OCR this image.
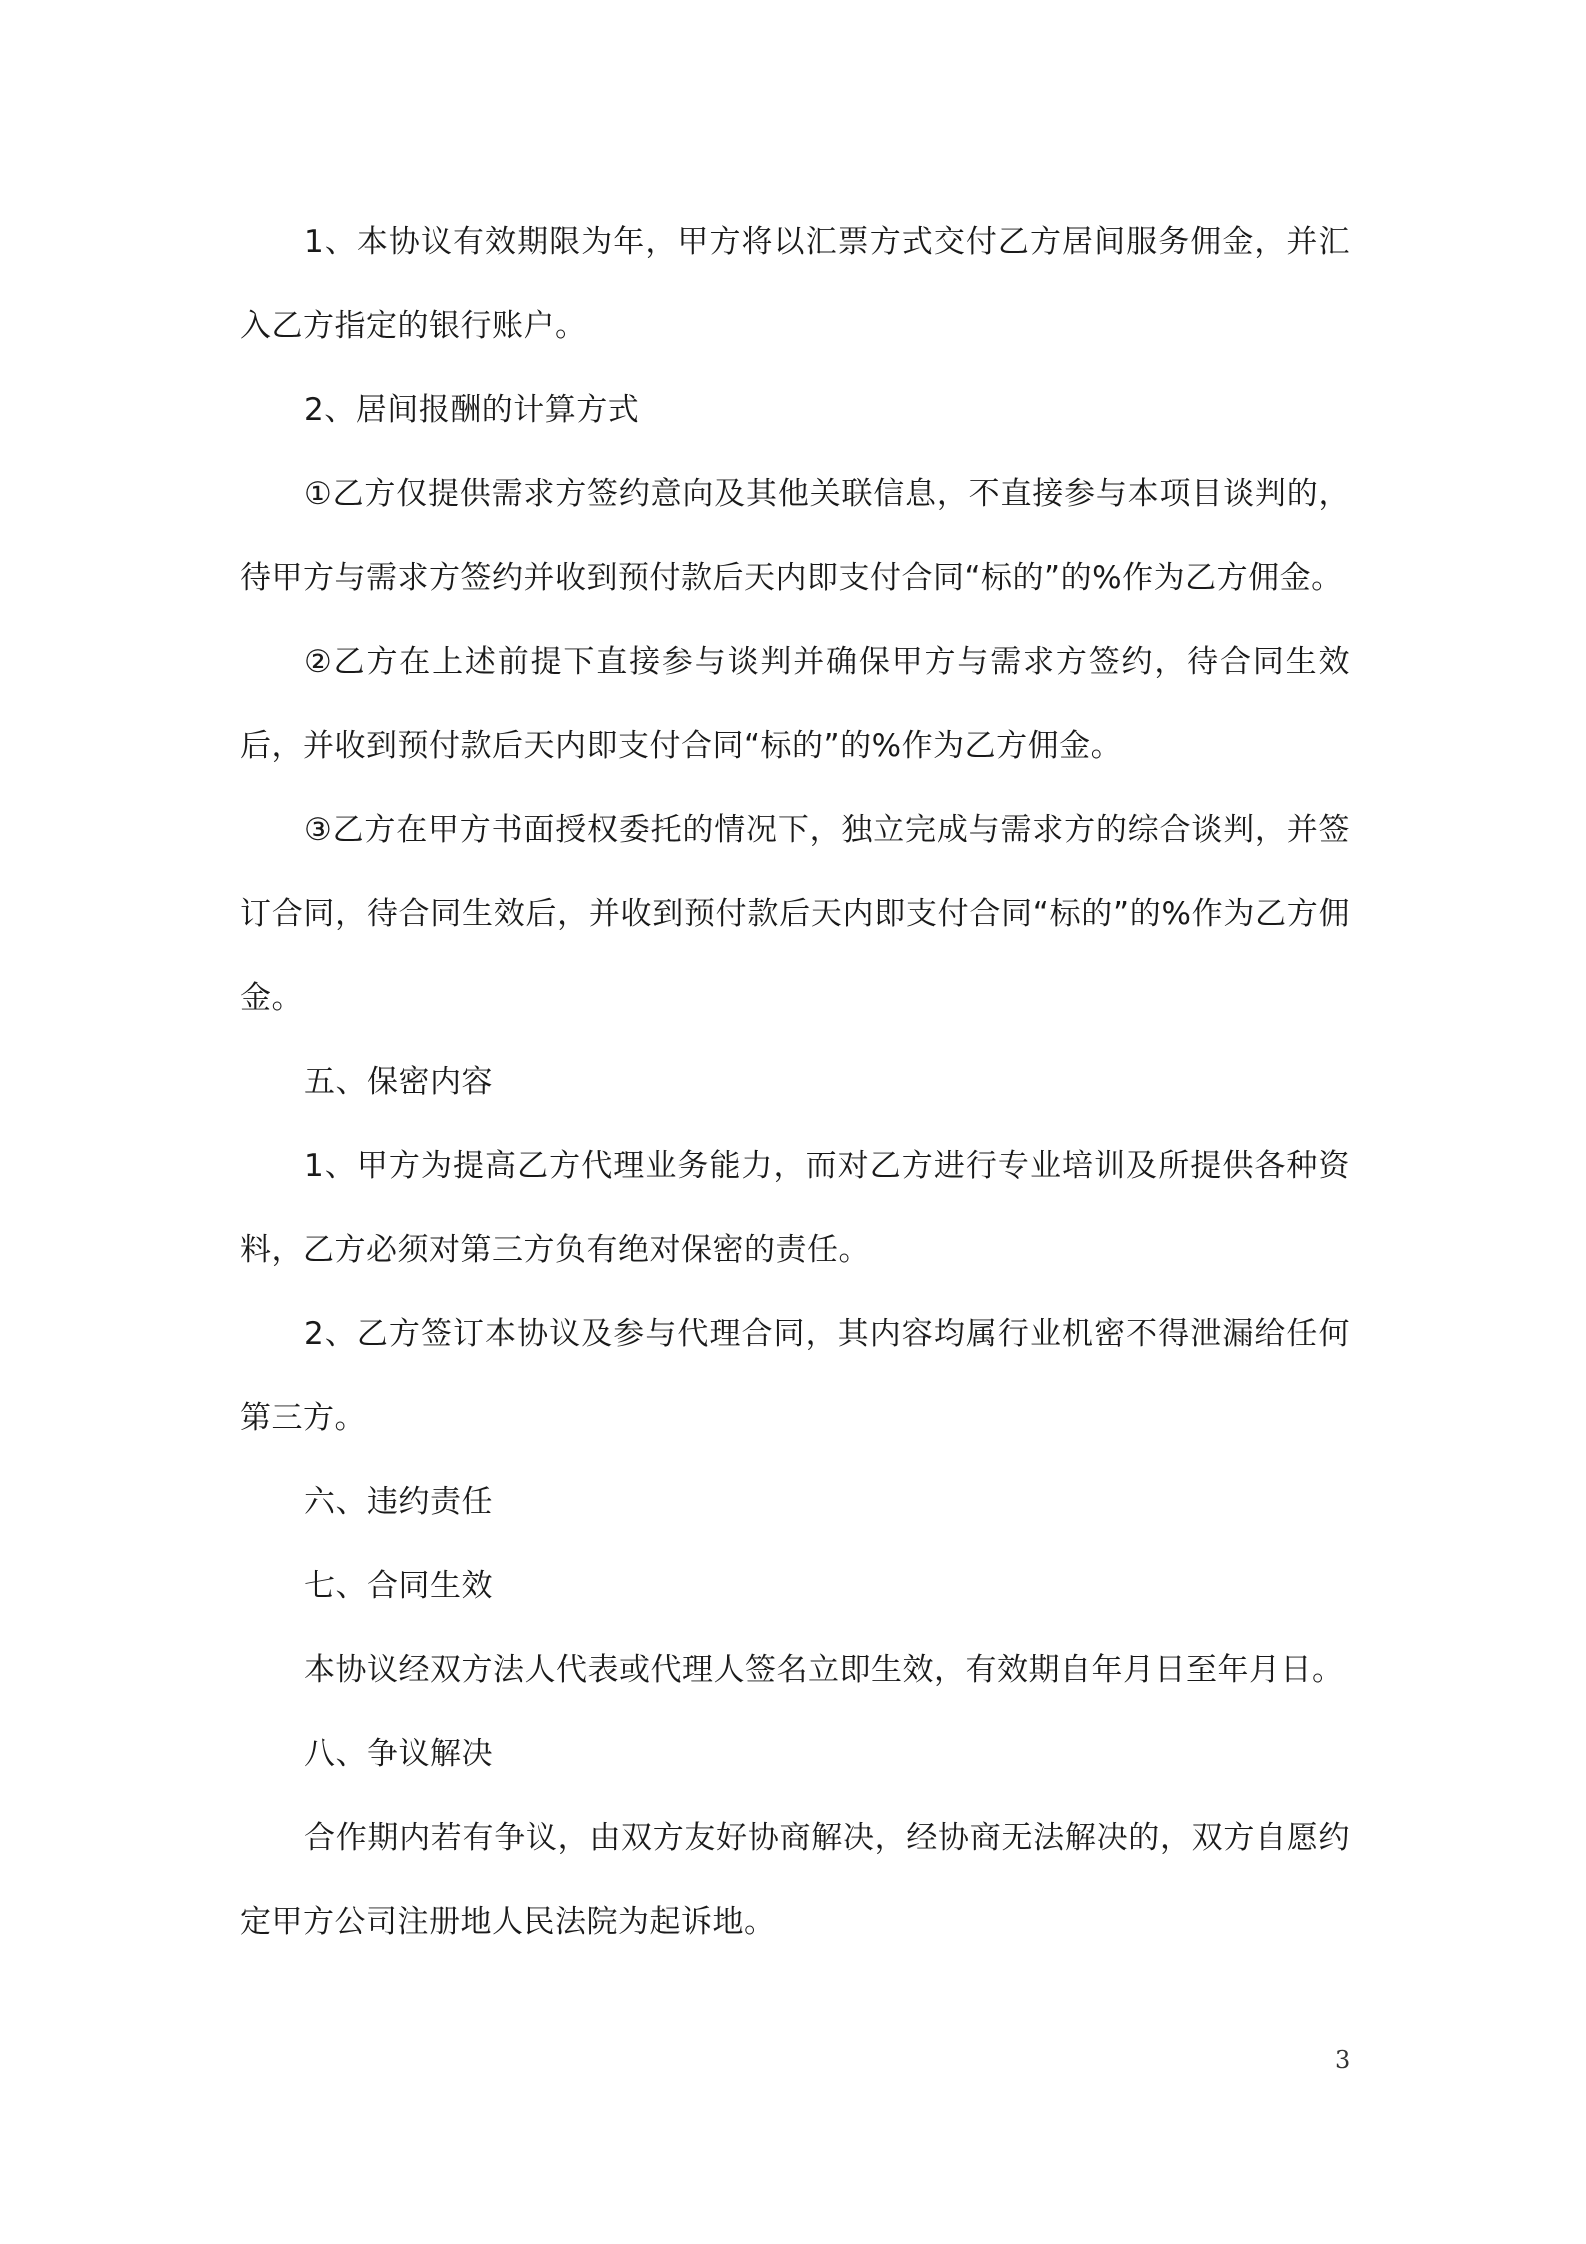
1、本协议有效期限为年，甲方将以汇票方式交付乙方居间服务佣金，并汇入乙方指定的银行账户。

2、居间报酬的计算方式

①乙方仅提供需求方签约意向及其他关联信息，不直接参与本项目谈判的，待甲方与需求方签约并收到预付款后天内即支付合同“标的”的%作为乙方佣金。

②乙方在上述前提下直接参与谈判并确保甲方与需求方签约，待合同生效后，并收到预付款后天内即支付合同“标的”的%作为乙方佣金。

③乙方在甲方书面授权委托的情况下，独立完成与需求方的综合谈判，并签订合同，待合同生效后，并收到预付款后天内即支付合同“标的”的%作为乙方佣金。

五、保密内容

1、甲方为提高乙方代理业务能力，而对乙方进行专业培训及所提供各种资料，乙方必须对第三方负有绝对保密的责任。

2、乙方签订本协议及参与代理合同，其内容均属行业机密不得泄漏给任何第三方。

六、违约责任

七、合同生效

本协议经双方法人代表或代理人签名立即生效，有效期自年月日至年月日。

八、争议解决

合作期内若有争议，由双方友好协商解决，经协商无法解决的，双方自愿约定甲方公司注册地人民法院为起诉地。

3
